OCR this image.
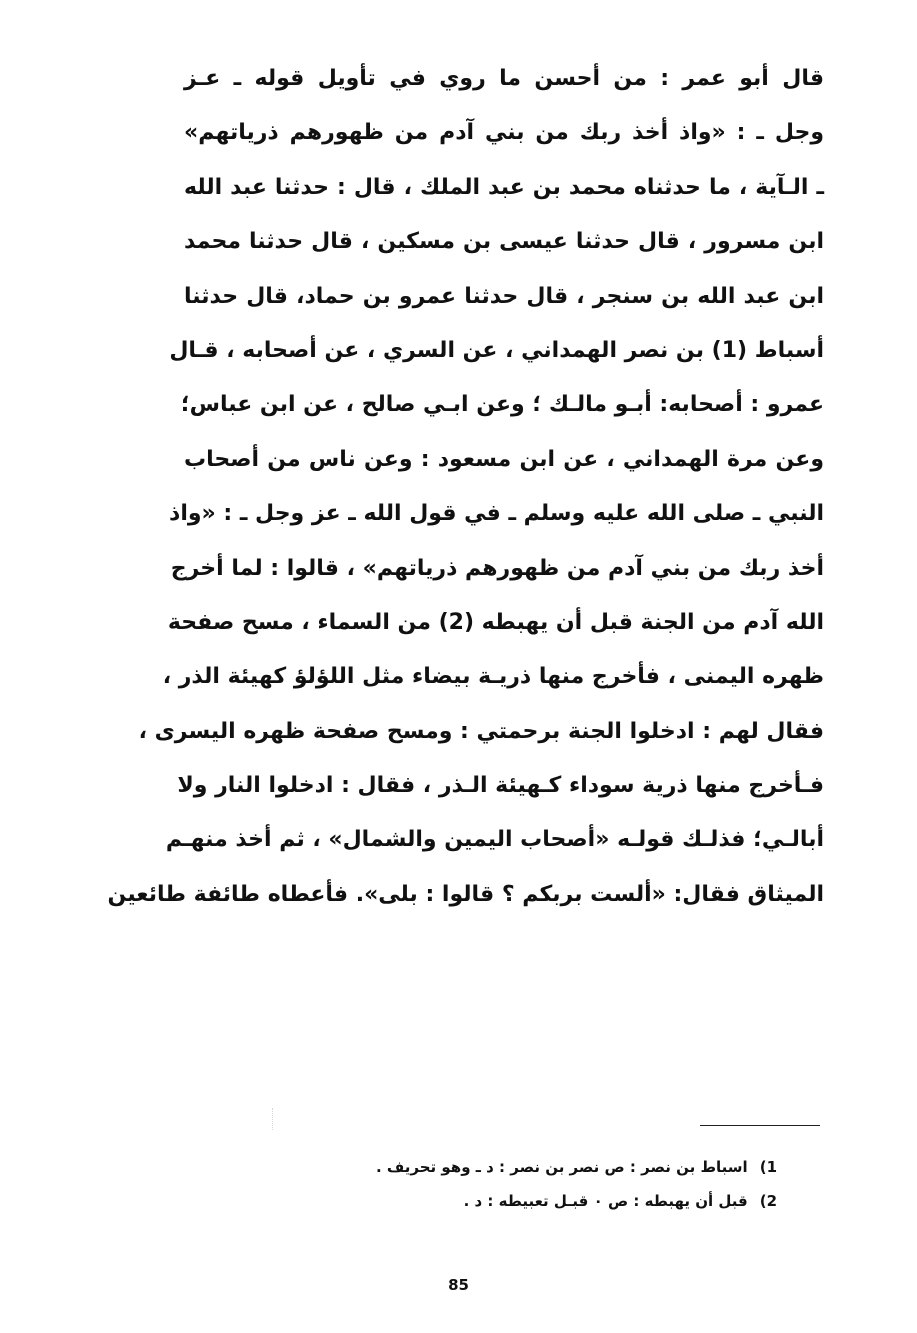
قال أبو عمر : من أحسن ما روي في تأويل قوله ـ عـز
وجل ـ : «واذ أخذ ربك من بني آدم من ظهورهم ذرياتهم»
ـ الـآية ، ما حدثناه محمد بن عبد الملك ، قال : حدثنا عبد الله
ابن مسرور ، قال حدثنا عيسى بن مسكين ، قال حدثنا محمد
ابن عبد الله بن سنجر ، قال حدثنا عمرو بن حماد، قال حدثنا
أسباط (1) بن نصر الهمداني ، عن السري ، عن أصحابه ، قـال
عمرو : أصحابه: أبـو مالـك ؛ وعن ابـي صالح ، عن ابن عباس؛
وعن مرة الهمداني ، عن ابن مسعود : وعن ناس من أصحاب
النبي ـ صلى الله عليه وسلم ـ في قول الله ـ عز وجل ـ : «واذ
أخذ ربك من بني آدم من ظهورهم ذرياتهم» ، قالوا : لما أخرج
الله آدم من الجنة قبل أن يهبطه (2) من السماء ، مسح صفحة
ظهره اليمنى ، فأخرج منها ذريـة بيضاء مثل اللؤلؤ كهيئة الذر ،
فقال لهم : ادخلوا الجنة برحمتي : ومسح صفحة ظهره اليسرى ،
فـأخرج منها ذرية سوداء كـهيئة الـذر ، فقال : ادخلوا النار ولا
أبالـي؛ فذلـك قولـه «أصحاب اليمين والشمال» ، ثم أخذ منهـم
الميثاق فقال: «ألست بربكم ؟ قالوا : بلى». فأعطاه طائفة طائعين
1)اسباط بن نصر : ص نصر بن نصر : د ـ وهو تحريف .
2)قبل أن يهبطه : ص ٠ قبـل تعبيطه : د .
85
